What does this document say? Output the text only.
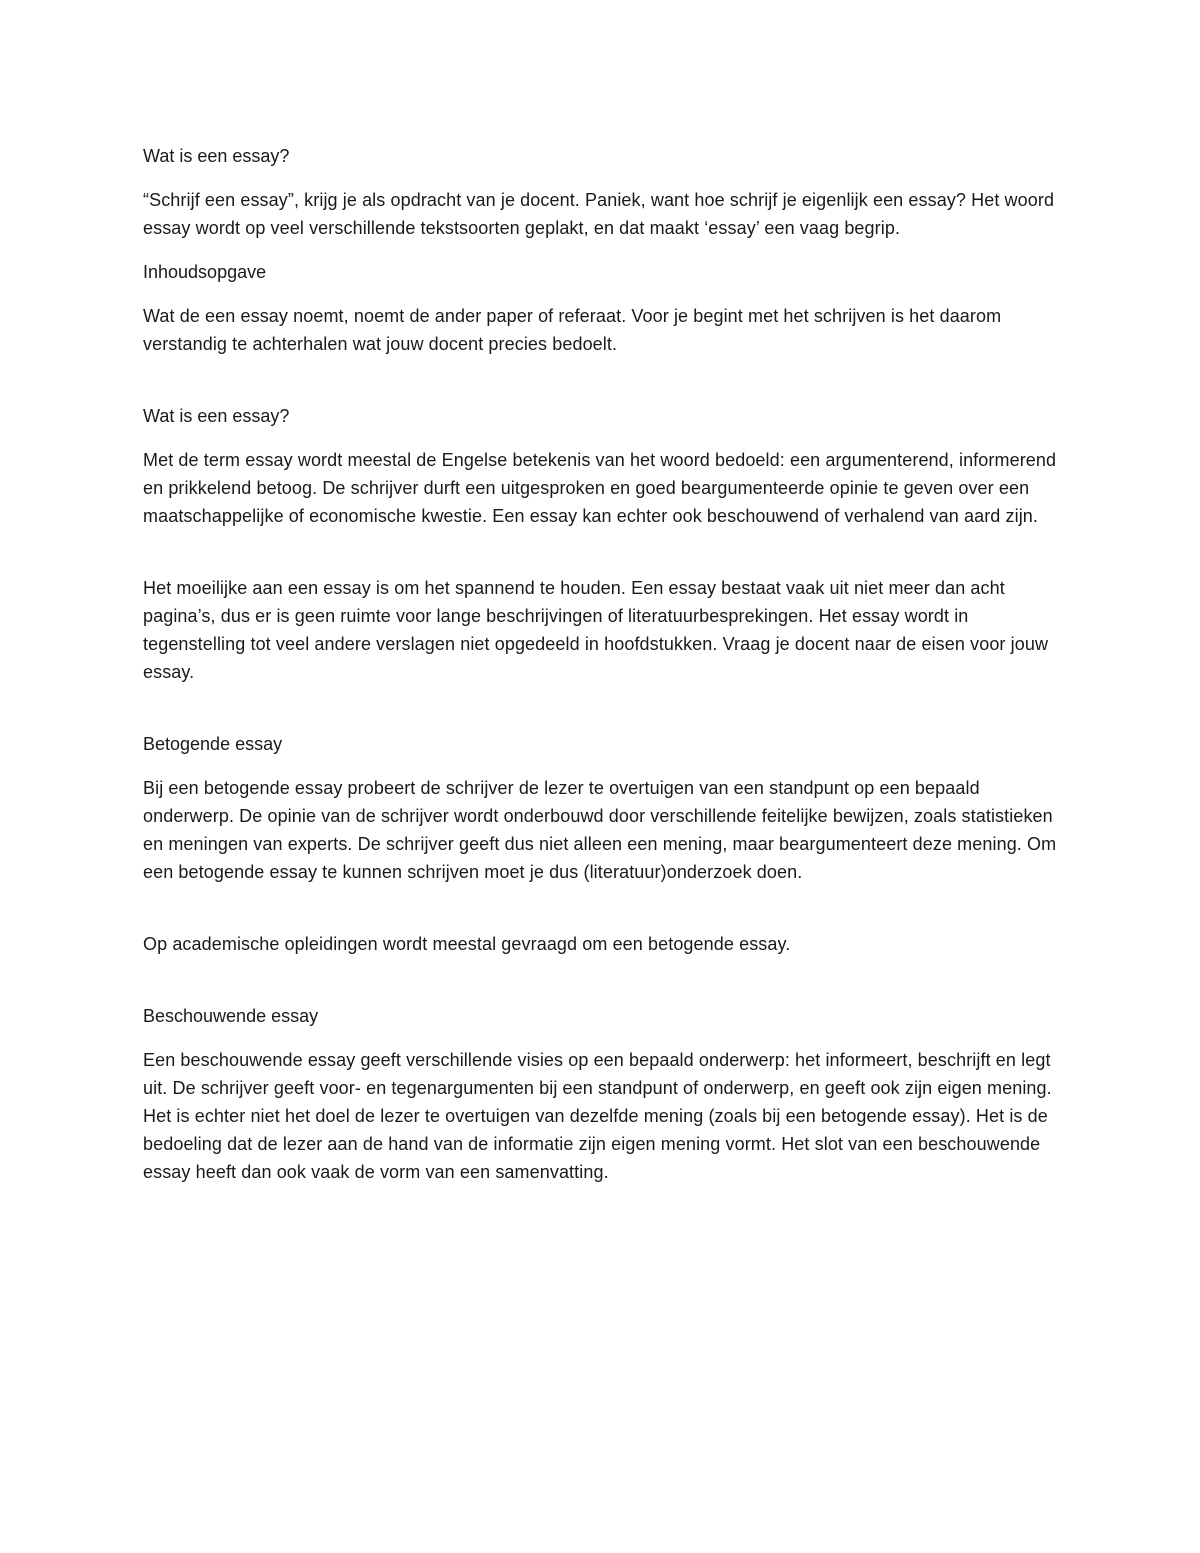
Wat is een essay?

“Schrijf een essay”, krijg je als opdracht van je docent. Paniek, want hoe schrijf je eigenlijk een essay? Het woord essay wordt op veel verschillende tekstsoorten geplakt, en dat maakt ‘essay’ een vaag begrip.

Inhoudsopgave

Wat de een essay noemt, noemt de ander paper of referaat. Voor je begint met het schrijven is het daarom verstandig te achterhalen wat jouw docent precies bedoelt.

Wat is een essay?

Met de term essay wordt meestal de Engelse betekenis van het woord bedoeld: een argumenterend, informerend en prikkelend betoog. De schrijver durft een uitgesproken en goed beargumenteerde opinie te geven over een maatschappelijke of economische kwestie. Een essay kan echter ook beschouwend of verhalend van aard zijn.

Het moeilijke aan een essay is om het spannend te houden. Een essay bestaat vaak uit niet meer dan acht pagina’s, dus er is geen ruimte voor lange beschrijvingen of literatuurbesprekingen. Het essay wordt in tegenstelling tot veel andere verslagen niet opgedeeld in hoofdstukken. Vraag je docent naar de eisen voor jouw essay.

Betogende essay

Bij een betogende essay probeert de schrijver de lezer te overtuigen van een standpunt op een bepaald onderwerp. De opinie van de schrijver wordt onderbouwd door verschillende feitelijke bewijzen, zoals statistieken en meningen van experts. De schrijver geeft dus niet alleen een mening, maar beargumenteert deze mening. Om een betogende essay te kunnen schrijven moet je dus (literatuur)onderzoek doen.

Op academische opleidingen wordt meestal gevraagd om een betogende essay.

Beschouwende essay

Een beschouwende essay geeft verschillende visies op een bepaald onderwerp: het informeert, beschrijft en legt uit. De schrijver geeft voor- en tegenargumenten bij een standpunt of onderwerp, en geeft ook zijn eigen mening. Het is echter niet het doel de lezer te overtuigen van dezelfde mening (zoals bij een betogende essay). Het is de bedoeling dat de lezer aan de hand van de informatie zijn eigen mening vormt. Het slot van een beschouwende essay heeft dan ook vaak de vorm van een samenvatting.
